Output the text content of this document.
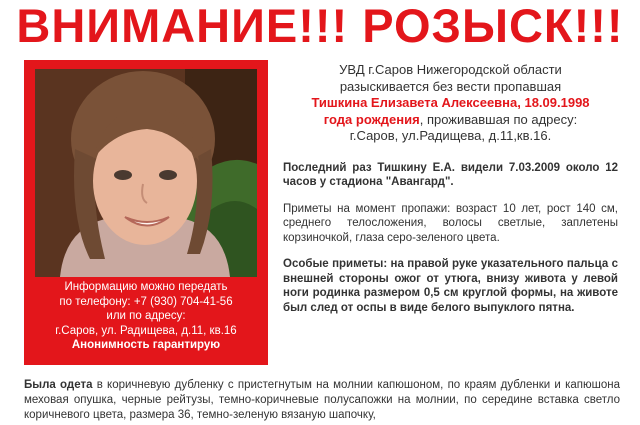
ВНИМАНИЕ!!! РОЗЫСК!!!
Информацию можно передать
по телефону: +7 (930) 704-41-56
или по адресу:
г.Саров, ул. Радищева, д.11, кв.16
Анонимность гарантирую
УВД г.Саров Нижегородской области
разыскивается без вести пропавшая
Тишкина Елизавета Алексеевна, 18.09.1998
года рождения, проживавшая по адресу:
г.Саров, ул.Радищева, д.11,кв.16.
Последний раз Тишкину Е.А. видели 7.03.2009 около 12 часов у стадиона "Авангард".
Приметы на момент пропажи: возраст 10 лет, рост 140 см, среднего телосложения, волосы светлые, заплетены корзиночкой, глаза серо-зеленого цвета.
Особые приметы: на правой руке указательного пальца с внешней стороны ожог от утюга, внизу живота у левой ноги родинка размером 0,5 см круглой формы, на животе был след от оспы в виде белого выпуклого пятна.
Была одета в коричневую дубленку с пристегнутым на молнии капюшоном, по краям дубленки и капюшона меховая опушка, черные рейтузы, темно-коричневые полусапожки на молнии, по середине вставка светло коричневого цвета, размера 36, темно-зеленую вязаную шапочку,
